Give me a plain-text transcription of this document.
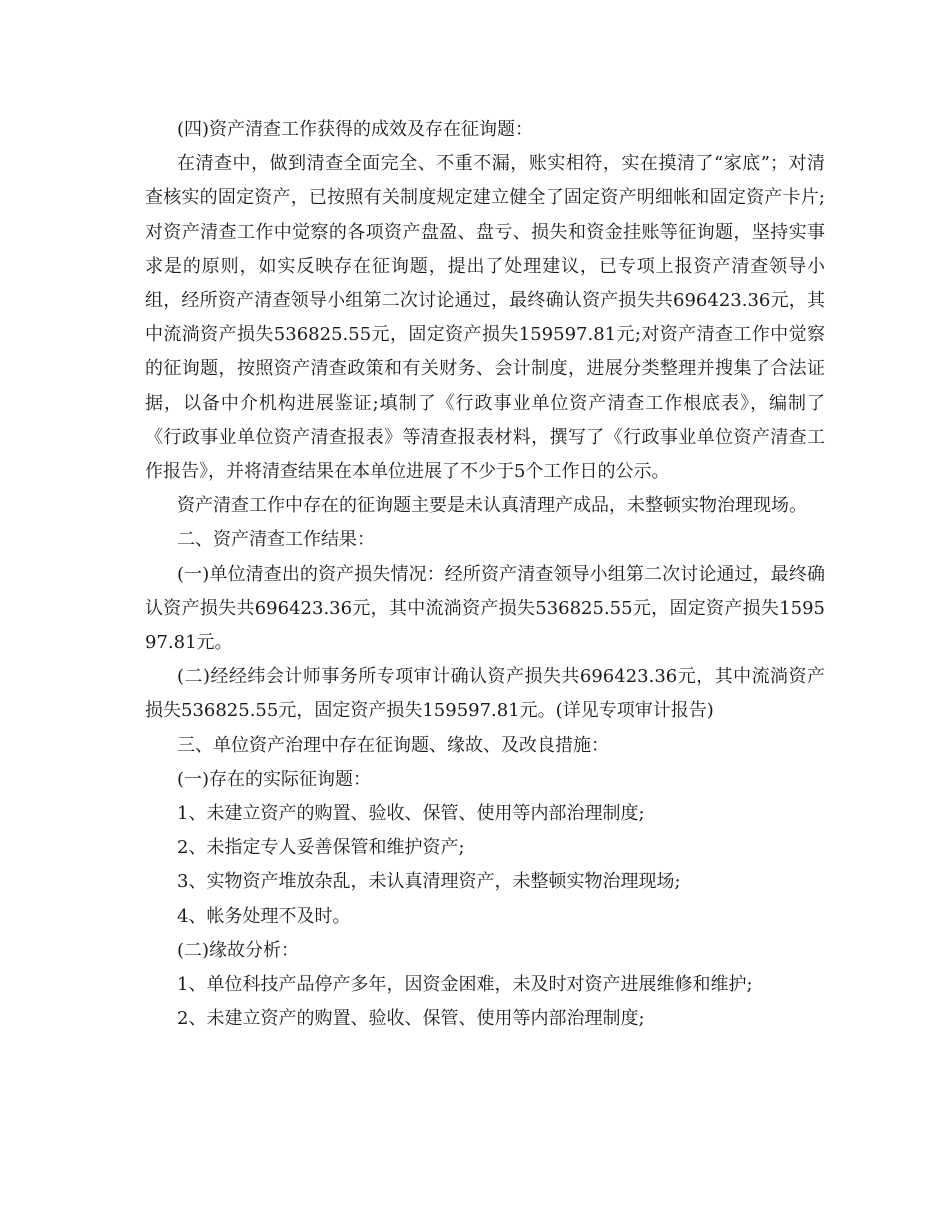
(四)资产清查工作获得的成效及存在征询题：

在清查中，做到清查全面完全、不重不漏，账实相符，实在摸清了“家底”；对清查核实的固定资产，已按照有关制度规定建立健全了固定资产明细帐和固定资产卡片;对资产清查工作中觉察的各项资产盘盈、盘亏、损失和资金挂账等征询题，坚持实事求是的原则，如实反映存在征询题，提出了处理建议，已专项上报资产清查领导小组，经所资产清查领导小组第二次讨论通过，最终确认资产损失共696423.36元，其中流淌资产损失536825.55元，固定资产损失159597.81元;对资产清查工作中觉察的征询题，按照资产清查政策和有关财务、会计制度，进展分类整理并搜集了合法证据，以备中介机构进展鉴证;填制了《行政事业单位资产清查工作根底表》，编制了《行政事业单位资产清查报表》等清查报表材料，撰写了《行政事业单位资产清查工作报告》，并将清查结果在本单位进展了不少于5个工作日的公示。

资产清查工作中存在的征询题主要是未认真清理产成品，未整顿实物治理现场。

二、资产清查工作结果：

(一)单位清查出的资产损失情况：经所资产清查领导小组第二次讨论通过，最终确认资产损失共696423.36元，其中流淌资产损失536825.55元，固定资产损失159597.81元。

(二)经经纬会计师事务所专项审计确认资产损失共696423.36元，其中流淌资产损失536825.55元，固定资产损失159597.81元。(详见专项审计报告)

三、单位资产治理中存在征询题、缘故、及改良措施：

(一)存在的实际征询题：

1、未建立资产的购置、验收、保管、使用等内部治理制度;

2、未指定专人妥善保管和维护资产;

3、实物资产堆放杂乱，未认真清理资产，未整顿实物治理现场;

4、帐务处理不及时。

(二)缘故分析：

1、单位科技产品停产多年，因资金困难，未及时对资产进展维修和维护;

2、未建立资产的购置、验收、保管、使用等内部治理制度;
